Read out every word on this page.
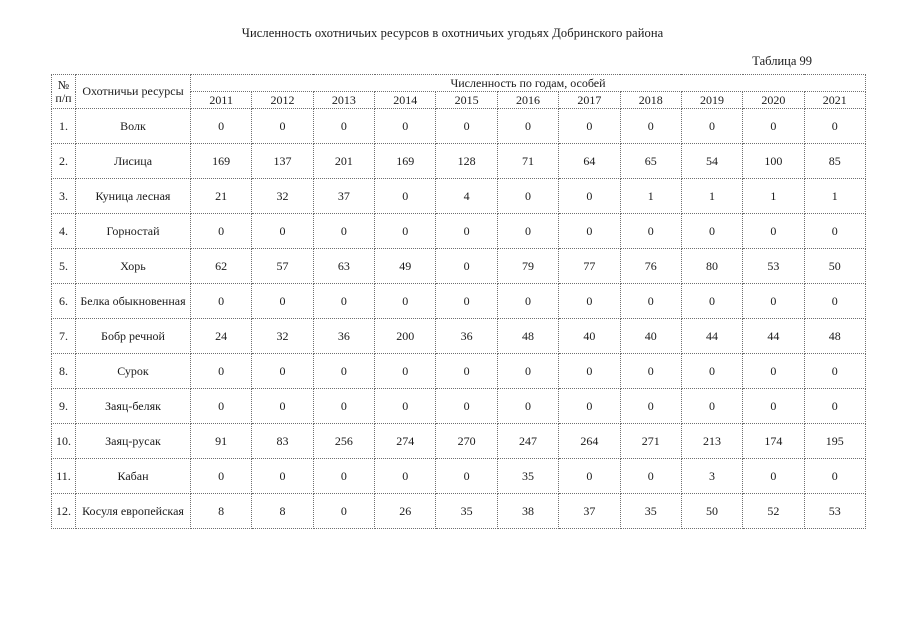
Численность охотничьих ресурсов в охотничьих угодьях Добринского района
Таблица 99
№ п/п	Охотничьи ресурсы	Численность по годам, особей										
		2011	2012	2013	2014	2015	2016	2017	2018	2019	2020	2021
1.	Волк	0	0	0	0	0	0	0	0	0	0	0
2.	Лисица	169	137	201	169	128	71	64	65	54	100	85
3.	Куница лесная	21	32	37	0	4	0	0	1	1	1	1
4.	Горностай	0	0	0	0	0	0	0	0	0	0	0
5.	Хорь	62	57	63	49	0	79	77	76	80	53	50
6.	Белка обыкновенная	0	0	0	0	0	0	0	0	0	0	0
7.	Бобр речной	24	32	36	200	36	48	40	40	44	44	48
8.	Сурок	0	0	0	0	0	0	0	0	0	0	0
9.	Заяц-беляк	0	0	0	0	0	0	0	0	0	0	0
10.	Заяц-русак	91	83	256	274	270	247	264	271	213	174	195
11.	Кабан	0	0	0	0	0	35	0	0	3	0	0
12.	Косуля европейская	8	8	0	26	35	38	37	35	50	52	53
